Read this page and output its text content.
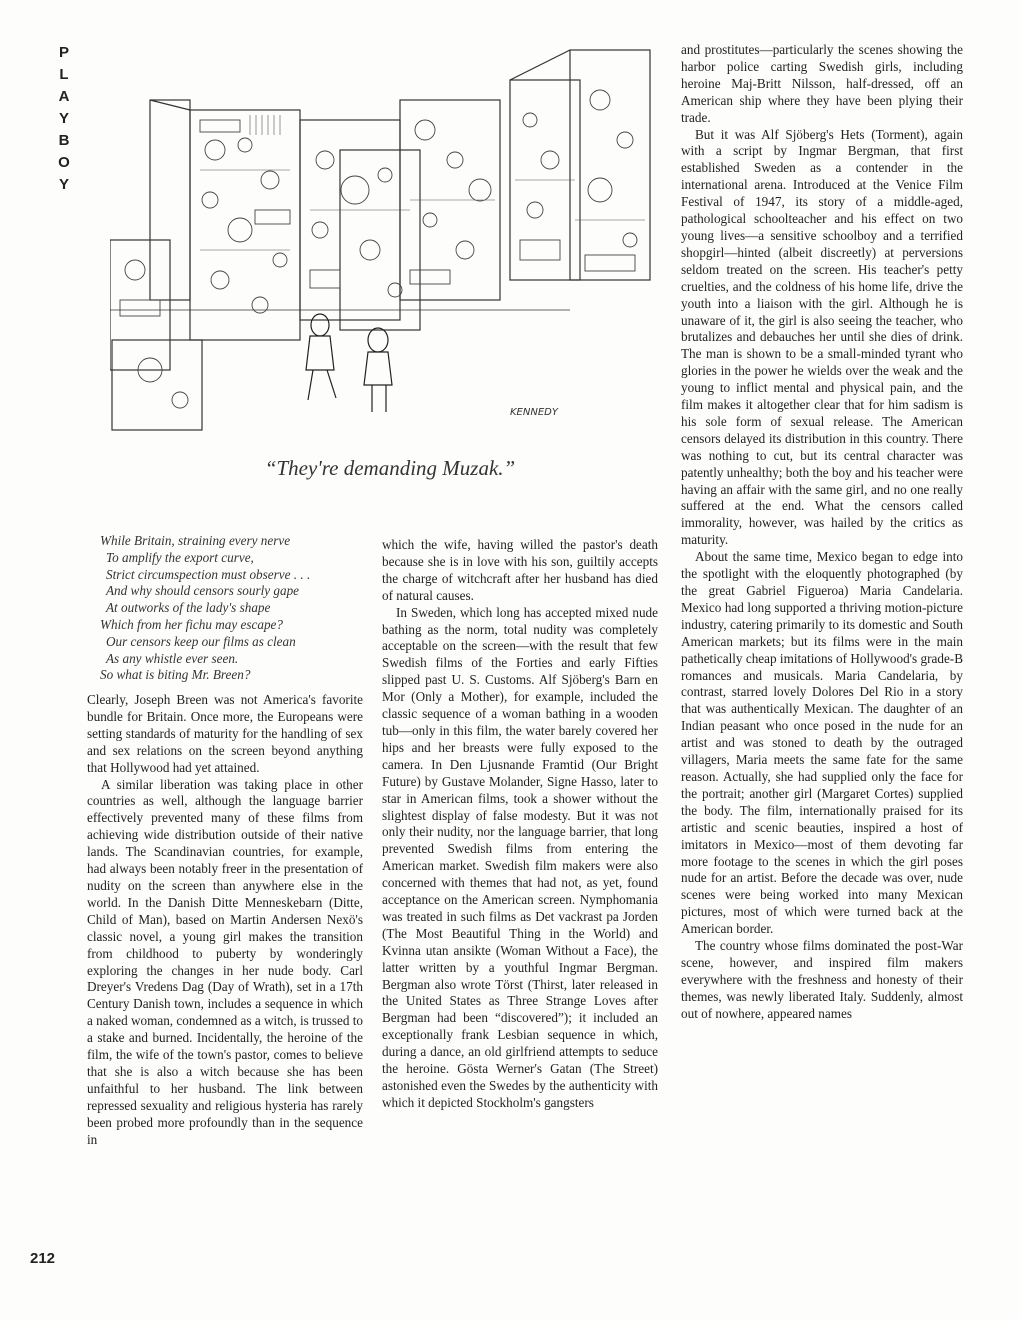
P
L
A
Y
B
O
Y
KENNEDY
“They're demanding Muzak.”
While Britain, straining every nerve
To amplify the export curve,
Strict circumspection must observe . . .
And why should censors sourly gape
At outworks of the lady's shape
Which from her fichu may escape?
Our censors keep our films as clean
As any whistle ever seen.
So what is biting Mr. Breen?

Clearly, Joseph Breen was not America's favorite bundle for Britain. Once more, the Europeans were setting standards of maturity for the handling of sex and sex relations on the screen beyond anything that Hollywood had yet attained.

A similar liberation was taking place in other countries as well, although the language barrier effectively prevented many of these films from achieving wide distribution outside of their native lands. The Scandinavian countries, for example, had always been notably freer in the presentation of nudity on the screen than anywhere else in the world. In the Danish Ditte Menneskebarn (Ditte, Child of Man), based on Martin Andersen Nexö's classic novel, a young girl makes the transition from childhood to puberty by wonderingly exploring the changes in her nude body. Carl Dreyer's Vredens Dag (Day of Wrath), set in a 17th Century Danish town, includes a sequence in which a naked woman, condemned as a witch, is trussed to a stake and burned. Incidentally, the heroine of the film, the wife of the town's pastor, comes to believe that she is also a witch because she has been unfaithful to her husband. The link between repressed sexuality and religious hysteria has rarely been probed more profoundly than in the sequence in

which the wife, having willed the pastor's death because she is in love with his son, guiltily accepts the charge of witchcraft after her husband has died of natural causes.

In Sweden, which long has accepted mixed nude bathing as the norm, total nudity was completely acceptable on the screen—with the result that few Swedish films of the Forties and early Fifties slipped past U. S. Customs. Alf Sjöberg's Barn en Mor (Only a Mother), for example, included the classic sequence of a woman bathing in a wooden tub—only in this film, the water barely covered her hips and her breasts were fully exposed to the camera. In Den Ljusnande Framtid (Our Bright Future) by Gustave Molander, Signe Hasso, later to star in American films, took a shower without the slightest display of false modesty. But it was not only their nudity, nor the language barrier, that long prevented Swedish films from entering the American market. Swedish film makers were also concerned with themes that had not, as yet, found acceptance on the American screen. Nymphomania was treated in such films as Det vackrast pa Jorden (The Most Beautiful Thing in the World) and Kvinna utan ansikte (Woman Without a Face), the latter written by a youthful Ingmar Bergman. Bergman also wrote Törst (Thirst, later released in the United States as Three Strange Loves after Bergman had been “discovered”); it included an exceptionally frank Lesbian sequence in which, during a dance, an old girlfriend attempts to seduce the heroine. Gösta Werner's Gatan (The Street) astonished even the Swedes by the authenticity with which it depicted Stockholm's gangsters

and prostitutes—particularly the scenes showing the harbor police carting Swedish girls, including heroine Maj-Britt Nilsson, half-dressed, off an American ship where they have been plying their trade.

But it was Alf Sjöberg's Hets (Torment), again with a script by Ingmar Bergman, that first established Sweden as a contender in the international arena. Introduced at the Venice Film Festival of 1947, its story of a middle-aged, pathological schoolteacher and his effect on two young lives—a sensitive schoolboy and a terrified shopgirl—hinted (albeit discreetly) at perversions seldom treated on the screen. His teacher's petty cruelties, and the coldness of his home life, drive the youth into a liaison with the girl. Although he is unaware of it, the girl is also seeing the teacher, who brutalizes and debauches her until she dies of drink. The man is shown to be a small-minded tyrant who glories in the power he wields over the weak and the young to inflict mental and physical pain, and the film makes it altogether clear that for him sadism is his sole form of sexual release. The American censors delayed its distribution in this country. There was nothing to cut, but its central character was patently unhealthy; both the boy and his teacher were having an affair with the same girl, and no one really suffered at the end. What the censors called immorality, however, was hailed by the critics as maturity.

About the same time, Mexico began to edge into the spotlight with the eloquently photographed (by the great Gabriel Figueroa) Maria Candelaria. Mexico had long supported a thriving motion-picture industry, catering primarily to its domestic and South American markets; but its films were in the main pathetically cheap imitations of Hollywood's grade-B romances and musicals. Maria Candelaria, by contrast, starred lovely Dolores Del Rio in a story that was authentically Mexican. The daughter of an Indian peasant who once posed in the nude for an artist and was stoned to death by the outraged villagers, Maria meets the same fate for the same reason. Actually, she had supplied only the face for the portrait; another girl (Margaret Cortes) supplied the body. The film, internationally praised for its artistic and scenic beauties, inspired a host of imitators in Mexico—most of them devoting far more footage to the scenes in which the girl poses nude for an artist. Before the decade was over, nude scenes were being worked into many Mexican pictures, most of which were turned back at the American border.

The country whose films dominated the post-War scene, however, and inspired film makers everywhere with the freshness and honesty of their themes, was newly liberated Italy. Suddenly, almost out of nowhere, appeared names

212
